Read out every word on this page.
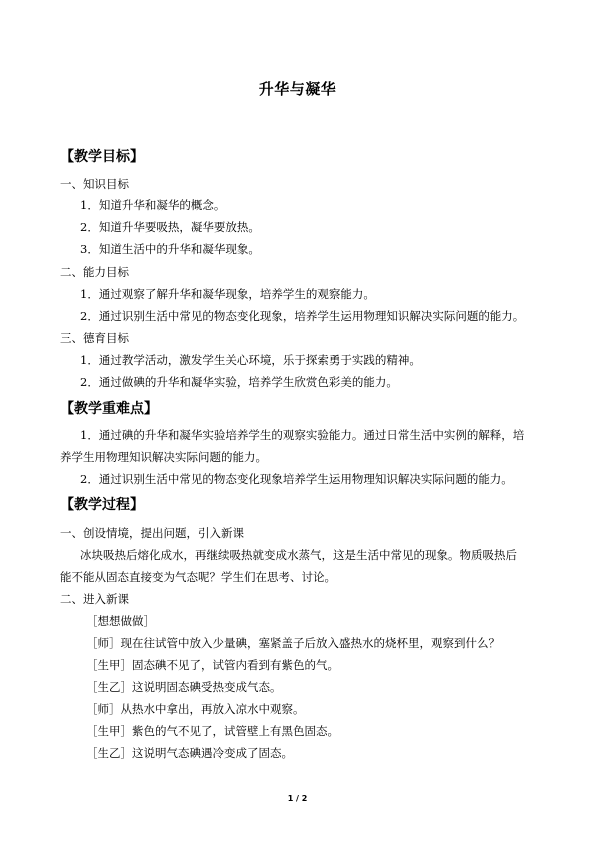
升华与凝华
【教学目标】
一、知识目标
1．知道升华和凝华的概念。
2．知道升华要吸热，凝华要放热。
3．知道生活中的升华和凝华现象。
二、能力目标
1．通过观察了解升华和凝华现象，培养学生的观察能力。
2．通过识别生活中常见的物态变化现象，培养学生运用物理知识解决实际问题的能力。
三、德育目标
1．通过教学活动，激发学生关心环境，乐于探索勇于实践的精神。
2．通过做碘的升华和凝华实验，培养学生欣赏色彩美的能力。
【教学重难点】
1．通过碘的升华和凝华实验培养学生的观察实验能力。通过日常生活中实例的解释，培
养学生用物理知识解决实际问题的能力。
2．通过识别生活中常见的物态变化现象培养学生运用物理知识解决实际问题的能力。
【教学过程】
一、创设情境，提出问题，引入新课
冰块吸热后熔化成水，再继续吸热就变成水蒸气，这是生活中常见的现象。物质吸热后
能不能从固态直接变为气态呢？学生们在思考、讨论。
二、进入新课
［想想做做］
［师］现在往试管中放入少量碘，塞紧盖子后放入盛热水的烧杯里，观察到什么？
［生甲］固态碘不见了，试管内看到有紫色的气。
［生乙］这说明固态碘受热变成气态。
［师］从热水中拿出，再放入凉水中观察。
［生甲］紫色的气不见了，试管壁上有黑色固态。
［生乙］这说明气态碘遇冷变成了固态。
1 / 2
